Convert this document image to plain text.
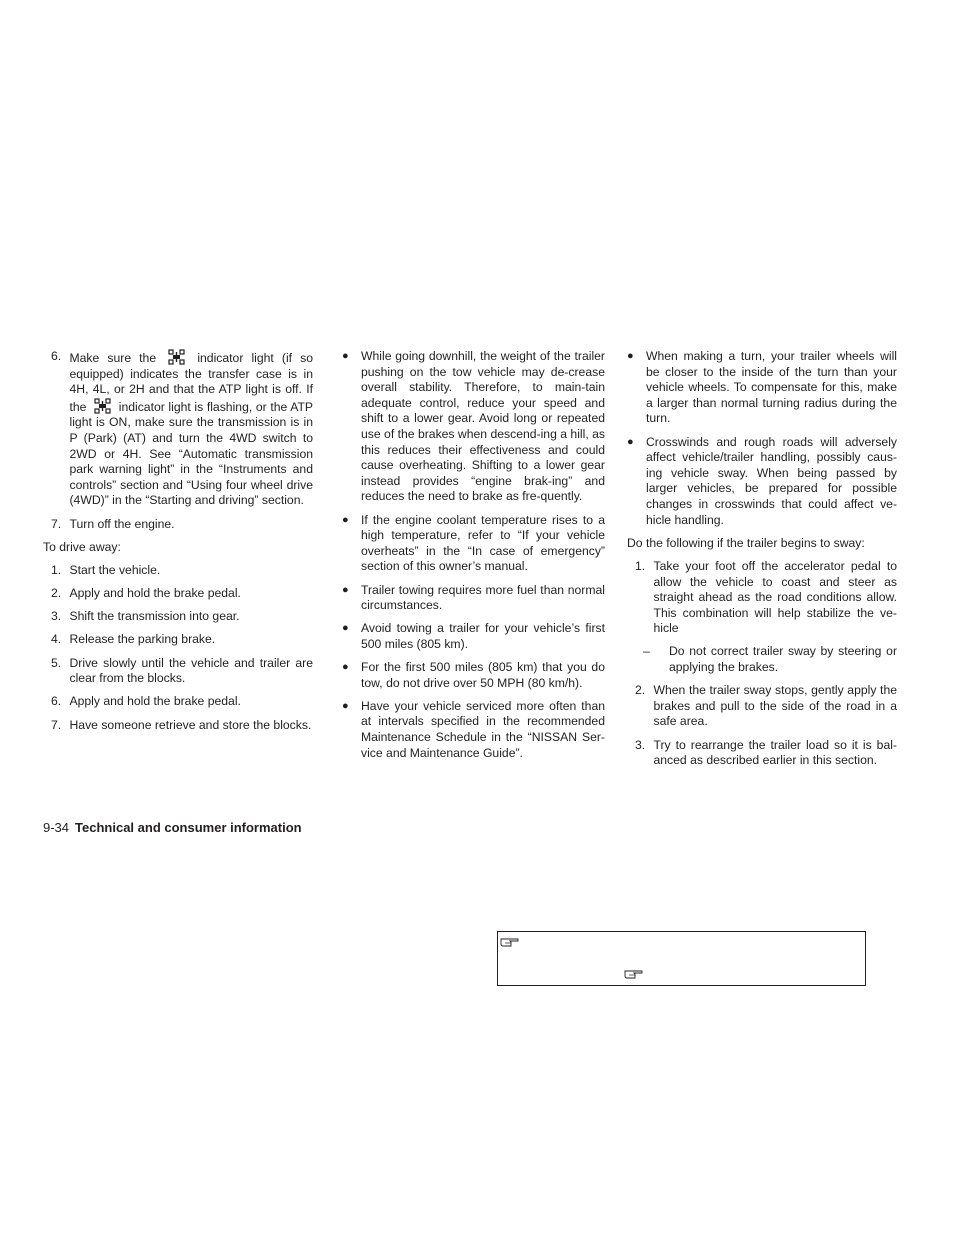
6. Make sure the	indicator light (if so equipped) indicates the transfer case is in 4H, 4L, or 2H and that the ATP light is off. If the	indicator light is flashing, or the ATP light is ON, make sure the transmission is in P (Park) (AT) and turn the 4WD switch to 2WD or 4H. See “Automatic transmission park warning light” in the “Instruments and controls” section and “Using four wheel drive (4WD)” in the “Starting and driving” section.
7. Turn off the engine.
To drive away:
1. Start the vehicle.
2. Apply and hold the brake pedal.
3. Shift the transmission into gear.
4. Release the parking brake.
5. Drive slowly until the vehicle and trailer are clear from the blocks.
6. Apply and hold the brake pedal.
7. Have someone retrieve and store the blocks.
● While going downhill, the weight of the trailer pushing on the tow vehicle may de-crease overall stability. Therefore, to main-tain adequate control, reduce your speed and shift to a lower gear. Avoid long or repeated use of the brakes when descend-ing a hill, as this reduces their effectiveness and could cause overheating. Shifting to a lower gear instead provides “engine brak-ing” and reduces the need to brake as fre-quently.
● If the engine coolant temperature rises to a high temperature, refer to “If your vehicle overheats” in the “In case of emergency” section of this owner’s manual.
● Trailer towing requires more fuel than normal circumstances.
● Avoid towing a trailer for your vehicle’s first 500 miles (805 km).
● For the first 500 miles (805 km) that you do tow, do not drive over 50 MPH (80 km/h).
● Have your vehicle serviced more often than at intervals specified in the recommended Maintenance Schedule in the “NISSAN Ser-vice and Maintenance Guide”.
● When making a turn, your trailer wheels will be closer to the inside of the turn than your vehicle wheels. To compensate for this, make a larger than normal turning radius during the turn.
● Crosswinds and rough roads will adversely affect vehicle/trailer handling, possibly caus-ing vehicle sway. When being passed by larger vehicles, be prepared for possible changes in crosswinds that could affect ve-hicle handling.
Do the following if the trailer begins to sway:
1. Take your foot off the accelerator pedal to allow the vehicle to coast and steer as straight ahead as the road conditions allow. This combination will help stabilize the ve-hicle
– Do not correct trailer sway by steering or applying the brakes.
2. When the trailer sway stops, gently apply the brakes and pull to the side of the road in a safe area.
3. Try to rearrange the trailer load so it is bal-anced as described earlier in this section.
9-34 Technical and consumer information
